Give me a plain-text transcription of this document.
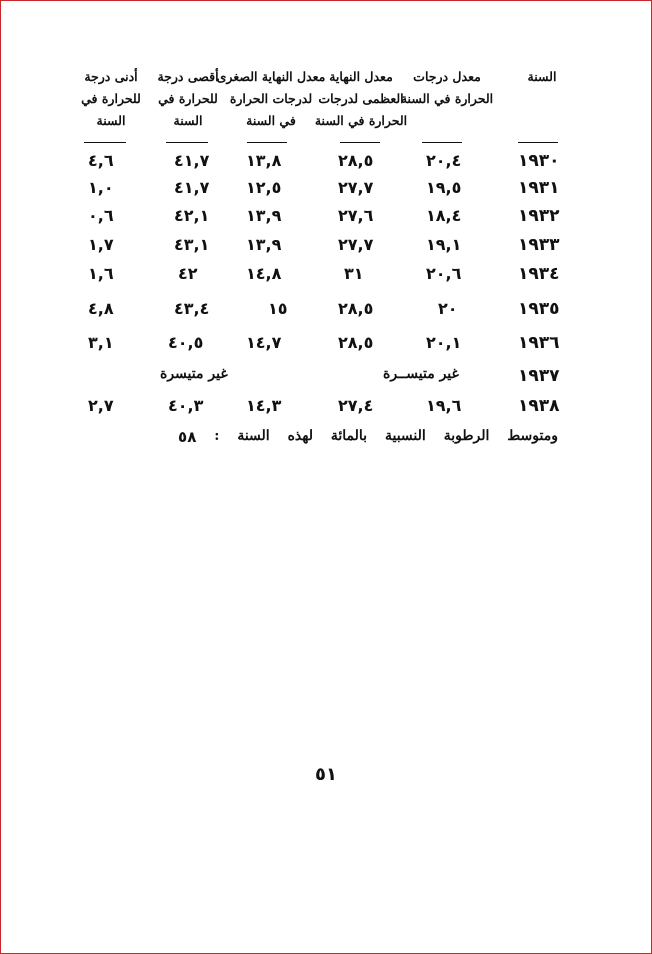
السنة
معدل درجات
الحرارة في السنة
معدل النهاية
العظمى لدرجات
الحرارة في السنة
معدل النهاية الصغرى
لدرجات الحرارة
في السنة
أقصى درجة
للحرارة في
السنة
أدنى درجة
للحرارة في
السنة
١٩٣٠
٢٠,٤
٢٨,٥
١٣,٨
٤١,٧
٤,٦
١٩٣١
١٩,٥
٢٧,٧
١٢,٥
٤١,٧
١,٠
١٩٣٢
١٨,٤
٢٧,٦
١٣,٩
٤٢,١
٠,٦
١٩٣٣
١٩,١
٢٧,٧
١٣,٩
٤٣,١
١,٧
١٩٣٤
٢٠,٦
٣١
١٤,٨
٤٢
١,٦
١٩٣٥
٢٠
٢٨,٥
١٥
٤٣,٤
٤,٨
١٩٣٦
٢٠,١
٢٨,٥
١٤,٧
٤٠,٥
٣,١
١٩٣٧
غير متيســرة
غير متيسرة
١٩٣٨
١٩,٦
٢٧,٤
١٤,٣
٤٠,٣
٢,٧
ومتوسط
الرطوبة
النسبية
بالمائة
لهذه
السنة
:
٥٨
٥١
